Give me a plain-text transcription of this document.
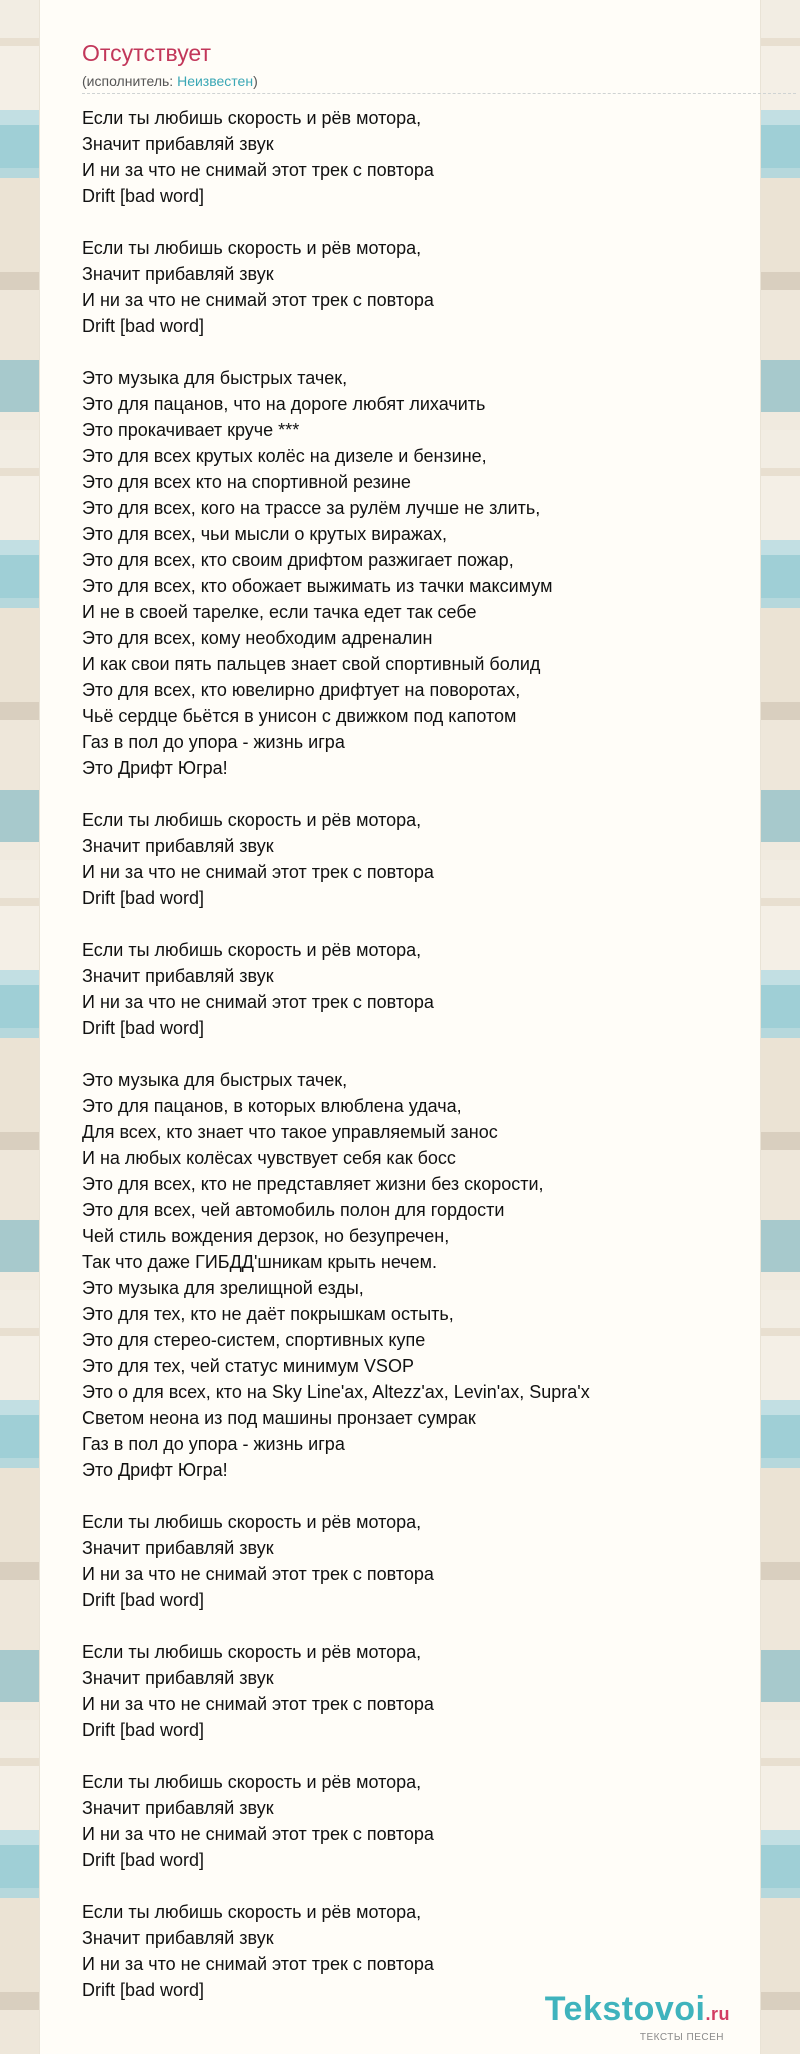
Отсутствует
(исполнитель: Неизвестен)
Если ты любишь скорость и рёв мотора,
Значит прибавляй звук
И ни за что не снимай этот трек с повтора
Drift [bad word]
Если ты любишь скорость и рёв мотора,
Значит прибавляй звук
И ни за что не снимай этот трек с повтора
Drift [bad word]
Это музыка для быстрых тачек,
Это для пацанов, что на дороге любят лихачить
Это прокачивает круче ***
Это для всех крутых колёс на дизеле и бензине,
Это для всех кто на спортивной резине
Это для всех, кого на трассе за рулём лучше не злить,
Это для всех, чьи мысли о крутых виражах,
Это для всех, кто своим дрифтом разжигает пожар,
Это для всех, кто обожает выжимать из тачки максимум
И не в своей тарелке, если тачка едет так себе
Это для всех, кому необходим адреналин
И как свои пять пальцев знает свой спортивный болид
Это для всех, кто ювелирно дрифтует на поворотах,
Чьё сердце бьётся в унисон с движком под капотом
Газ в пол до упора - жизнь игра
Это Дрифт Югра!
Если ты любишь скорость и рёв мотора,
Значит прибавляй звук
И ни за что не снимай этот трек с повтора
Drift [bad word]
Если ты любишь скорость и рёв мотора,
Значит прибавляй звук
И ни за что не снимай этот трек с повтора
Drift [bad word]
Это музыка для быстрых тачек,
Это для пацанов, в которых влюблена удача,
Для всех, кто знает что такое управляемый занос
И на любых колёсах чувствует себя как босс
Это для всех, кто не представляет жизни без скорости,
Это для всех, чей автомобиль полон для гордости
Чей стиль вождения дерзок, но безупречен,
Так что даже ГИБДД'шникам крыть нечем.
Это музыка для зрелищной езды,
Это для тех, кто не даёт покрышкам остыть,
Это для стерео-систем, спортивных купе
Это для тех, чей статус минимум VSOP
Это о для всех, кто на Sky Line'ax, Altezz'ax, Levin'ax, Supra'x
Светом неона из под машины пронзает сумрак
Газ в пол до упора - жизнь игра
Это Дрифт Югра!
Если ты любишь скорость и рёв мотора,
Значит прибавляй звук
И ни за что не снимай этот трек с повтора
Drift [bad word]
Если ты любишь скорость и рёв мотора,
Значит прибавляй звук
И ни за что не снимай этот трек с повтора
Drift [bad word]
Если ты любишь скорость и рёв мотора,
Значит прибавляй звук
И ни за что не снимай этот трек с повтора
Drift [bad word]
Если ты любишь скорость и рёв мотора,
Значит прибавляй звук
И ни за что не снимай этот трек с повтора
Drift [bad word]	Tekstovoi.ru
ТЕКСТЫ ПЕСЕН
